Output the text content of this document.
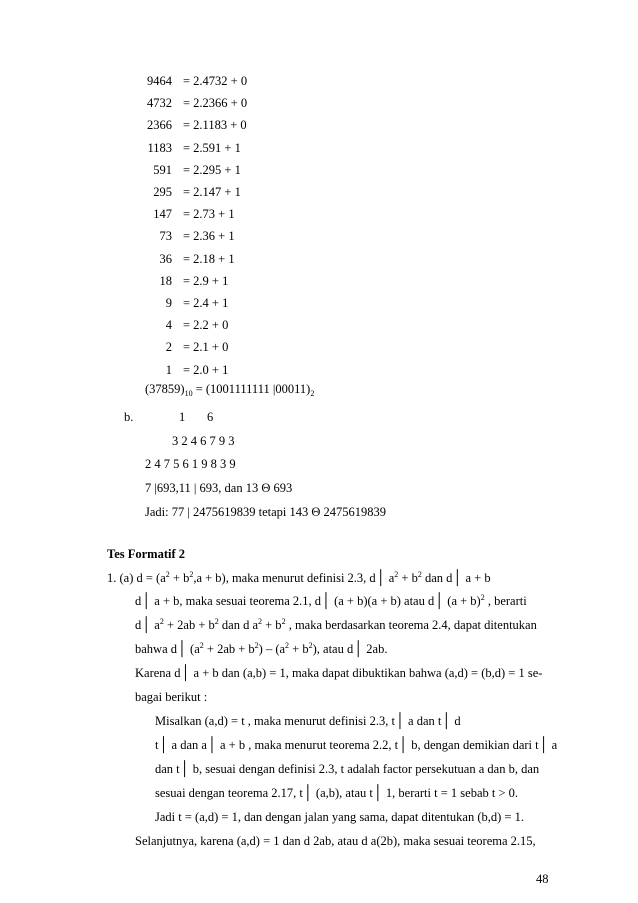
9464 = 2.4732 + 0
4732 = 2.2366 + 0
2366 = 2.1183 + 0
1183 = 2.591 + 1
591 = 2.295 + 1
295 = 2.147 + 1
147 = 2.73 + 1
73 = 2.36 + 1
36 = 2.18 + 1
18 = 2.9 + 1
9 = 2.4 + 1
4 = 2.2 + 0
2 = 2.1 + 0
1 = 2.0 + 1
$(37859)_{10} = (1001111111$ $|00011)_2$
b.	1 6
3 2 4 6 7 9 3
2 4 7 5 6 1 9 8 3 9
7 |693,11 | 693, dan 13 Θ 693
Jadi: 77 | 2475619839 tetapi 143 Θ 2475619839
Tes Formatif 2
1. (a) $d = (a^2 + b^2,a + b)$, maka menurut definisi 2.3, d│ $a^2 + b^2$ dan d│ a + b
d│ a + b, maka sesuai teorema 2.1, d│ (a + b)(a + b) atau d│ $(a + b)^2$ , berarti
d│ $a^2 + 2ab + b^2$ dan d $a^2 + b^2$ , maka berdasarkan teorema 2.4, dapat ditentukan
bahwa d│ $(a^2 + 2ab + b^2) - (a^2 + b^2)$, atau d│ 2ab.
Karena d│ a + b dan (a,b) = 1, maka dapat dibuktikan bahwa (a,d) = (b,d) = 1 se-
bagai berikut :
Misalkan (a,d) = t , maka menurut definisi 2.3, t│ a dan t│ d
t│ a dan a│ a + b , maka menurut teorema 2.2, t│ b, dengan demikian dari t│ a
dan t│ b, sesuai dengan definisi 2.3, t adalah factor persekutuan a dan b, dan
sesuai dengan teorema 2.17, t│ (a,b), atau t│ 1, berarti t = 1 sebab t > 0.
Jadi t = (a,d) = 1, dan dengan jalan yang sama, dapat ditentukan (b,d) = 1.
Selanjutnya, karena (a,d) = 1 dan d 2ab, atau d a(2b), maka sesuai teorema 2.15,
48
